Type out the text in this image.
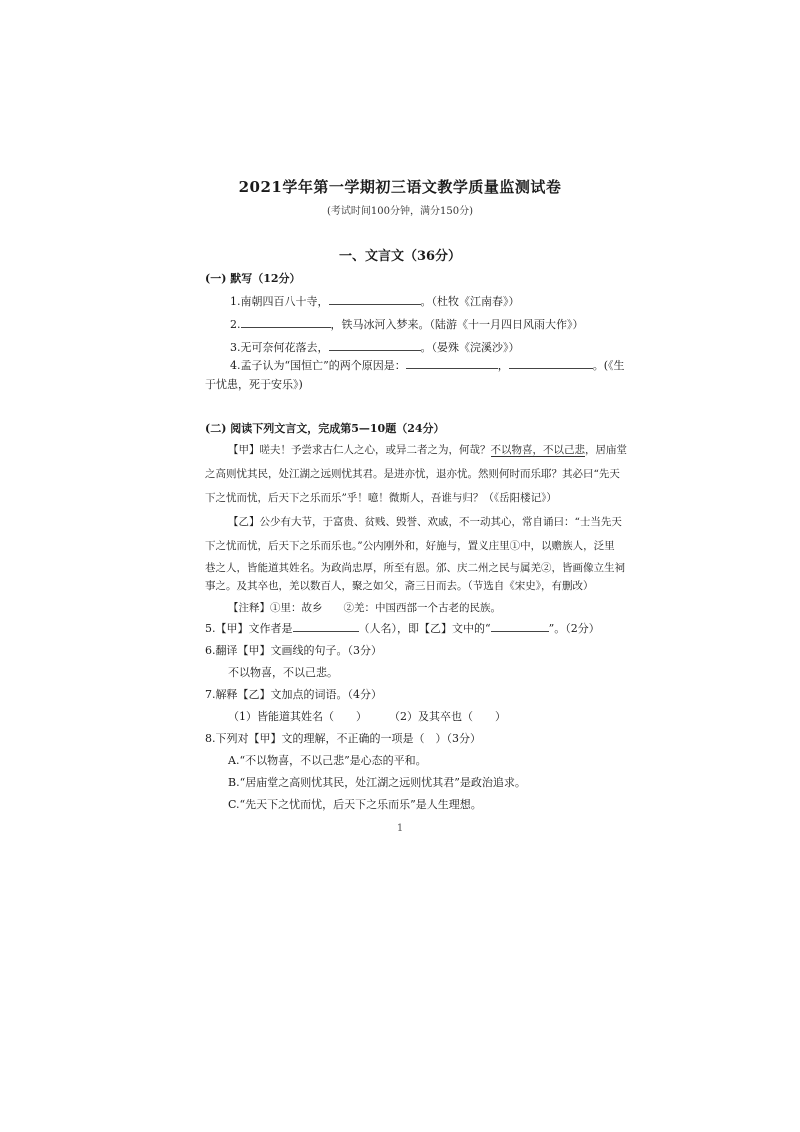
2021学年第一学期初三语文教学质量监测试卷
(考试时间100分钟，满分150分)
一、文言文（36分）
(一) 默写（12分）
1.南朝四百八十寺，	。（杜牧《江南春》）
2.	，铁马冰河入梦来。（陆游《十一月四日风雨大作》）
3.无可奈何花落去，	。（晏殊《浣溪沙》）
4.孟子认为“国恒亡”的两个原因是：	，	。(《生
于忧患，死于安乐》)
(二) 阅读下列文言文，完成第5—10题（24分）
【甲】嗟夫！予尝求古仁人之心，或异二者之为，何哉？不以物喜，不以己悲，居庙堂
之高则忧其民，处江湖之远则忧其君。是进亦忧，退亦忧。然则何时而乐耶？其必曰“先天
下之忧而忧，后天下之乐而乐”乎！噫！微斯人，吾谁与归？（《岳阳楼记》）
【乙】公少有大节，于富贵、贫贱、毁誉、欢戚，不一动其心，常自诵曰：“士当先天
下之忧而忧，后天下之乐而乐也。”公内刚外和，好施与，置义庄里①中，以赡族人，泛里
巷之人，皆能道其姓名。为政尚忠厚，所至有恩。邠、庆二州之民与属羌②，皆画像立生祠
事之。及其卒也，羌以数百人，聚之如父，斋三日而去。（节选自《宋史》，有删改）
【注释】①里：故乡　　②羌：中国西部一个古老的民族。
5.【甲】文作者是	（人名），即【乙】文中的“	”。（2分）
6.翻译【甲】文画线的句子。（3分）
不以物喜，不以己悲。
7.解释【乙】文加点的词语。（4分）
（1）皆能道其姓名（　　）　　　（2）及其卒也（　　）
8.下列对【甲】文的理解，不正确的一项是（　）（3分）
A.“不以物喜，不以己悲”是心态的平和。
B.“居庙堂之高则忧其民，处江湖之远则忧其君”是政治追求。
C.“先天下之忧而忧，后天下之乐而乐”是人生理想。
1
